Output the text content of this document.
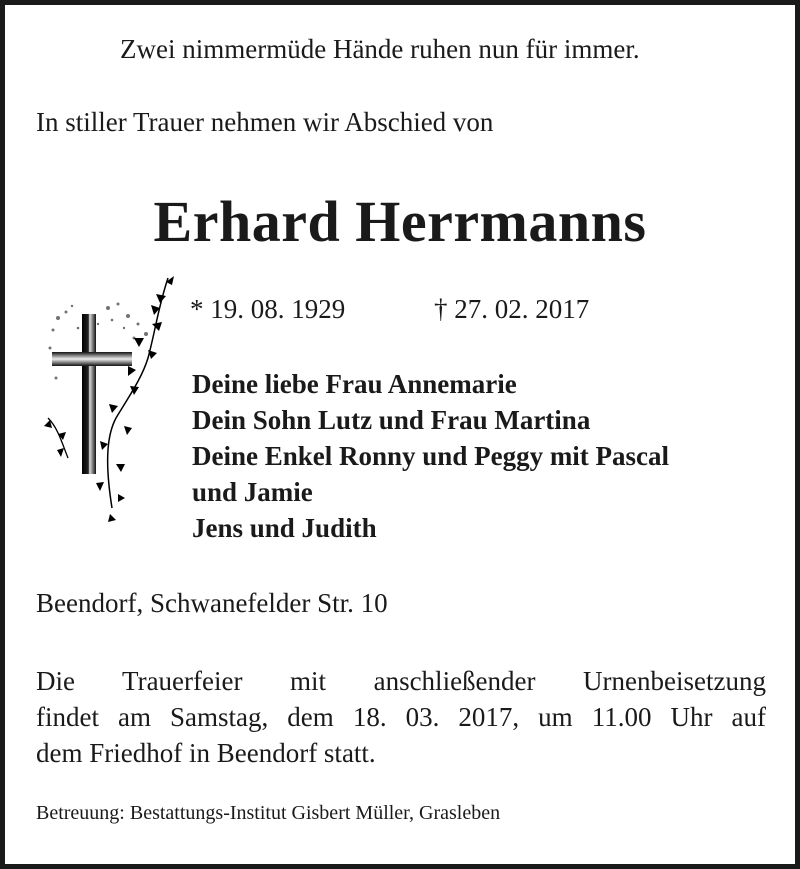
Zwei nimmermüde Hände ruhen nun für immer.
In stiller Trauer nehmen wir Abschied von
Erhard Herrmanns
* 19. 08. 1929	† 27. 02. 2017
Deine liebe Frau Annemarie
Dein Sohn Lutz und Frau Martina
Deine Enkel Ronny und Peggy mit Pascal
und Jamie
Jens und Judith
Beendorf, Schwanefelder Str. 10
Die Trauerfeier mit anschließender Urnenbeisetzung
findet am Samstag, dem 18. 03. 2017, um 11.00 Uhr auf
dem Friedhof in Beendorf statt.
Betreuung: Bestattungs-Institut Gisbert Müller, Grasleben
